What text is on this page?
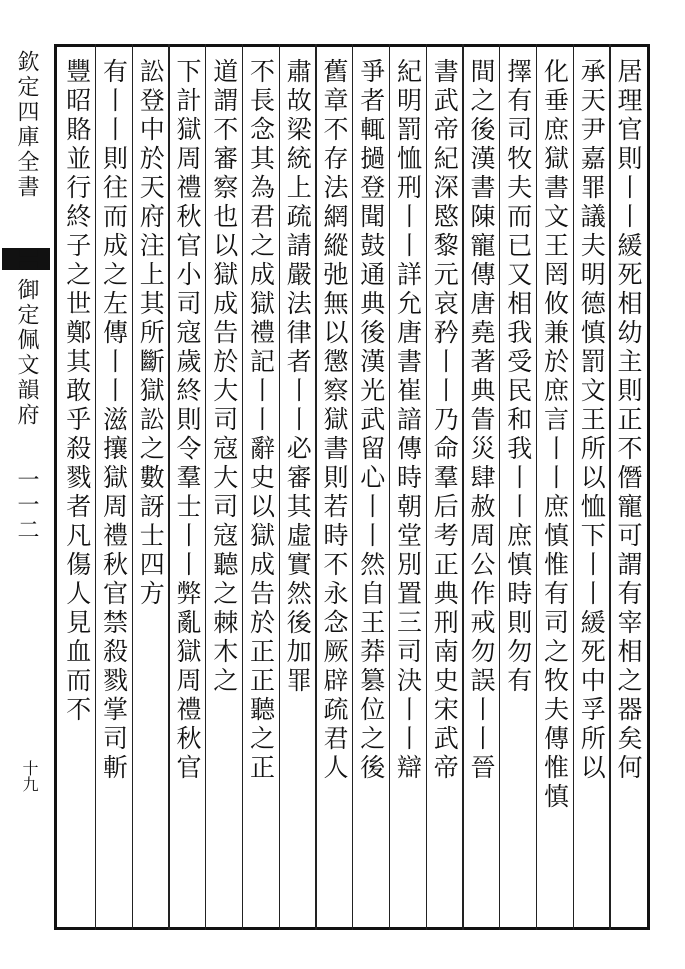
欽定四庫全書〓御定佩文韻府一一二
十九	居理官則丨丨緩死相幼主則正不僭寵可謂有宰相之器矣何
承天尹嘉罪議夫明德慎罰文王所以恤下丨丨緩死中孚所以
化垂庶獄書文王罔攸兼於庶言丨丨庶慎惟有司之牧夫傳惟慎
擇有司牧夫而已又相我受民和我丨丨庶慎時則勿有
間之後漢書陳寵傳唐堯著典眚災肆赦周公作戒勿誤丨丨晉
書武帝紀深愍黎元哀矜丨丨乃命羣后考正典刑南史宋武帝
紀明罰恤刑丨丨詳允唐書崔諳傳時朝堂別置三司決丨丨辯
爭者輒撾登聞鼓通典後漢光武留心丨丨然自王莽篡位之後
舊章不存法網縱弛無以懲察獄書則若時不永念厥辟疏君人
肅故梁統上疏請嚴法律者丨丨必審其虛實然後加罪
不長念其為君之成獄禮記丨丨辭史以獄成告於正正聽之正
道謂不審察也以獄成告於大司寇大司寇聽之棘木之
下計獄周禮秋官小司寇歲終則令羣士丨丨弊亂獄周禮秋官
訟登中於天府注上其所斷獄訟之數訝士四方
有丨丨則往而成之左傳丨丨滋攘獄周禮秋官禁殺戮掌司斬
豐昭賂並行終子之世鄭其敢乎殺戮者凡傷人見血而不
